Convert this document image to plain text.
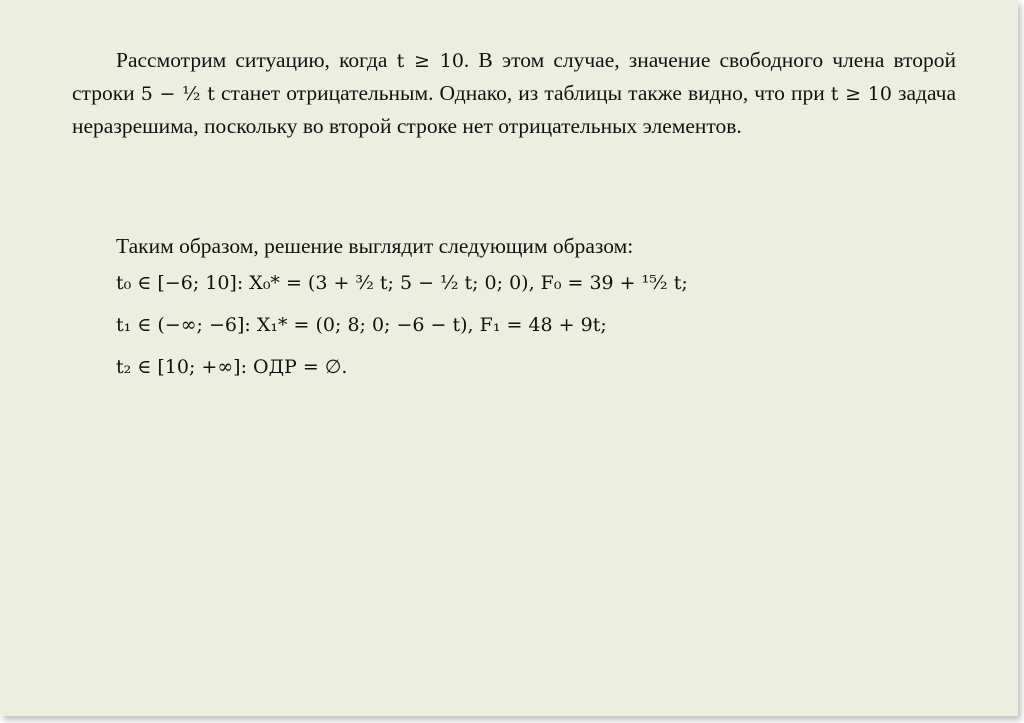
Рассмотрим ситуацию, когда t ≥ 10. В этом случае, значение свободного члена второй строки 5 − ¹⁄₂ t станет отрицательным. Однако, из таблицы также видно, что при t ≥ 10 задача неразрешима, поскольку во второй строке нет отрицательных элементов.
Таким образом, решение выглядит следующим образом:
t₀ ∈ [−6; 10]: X₀* = (3 + ³⁄₂ t; 5 − ¹⁄₂ t; 0; 0), F₀ = 39 + ¹⁵⁄₂ t;
t₁ ∈ (−∞; −6]: X₁* = (0; 8; 0; −6 − t), F₁ = 48 + 9t;
t₂ ∈ [10; +∞]: ОДР = ∅.
